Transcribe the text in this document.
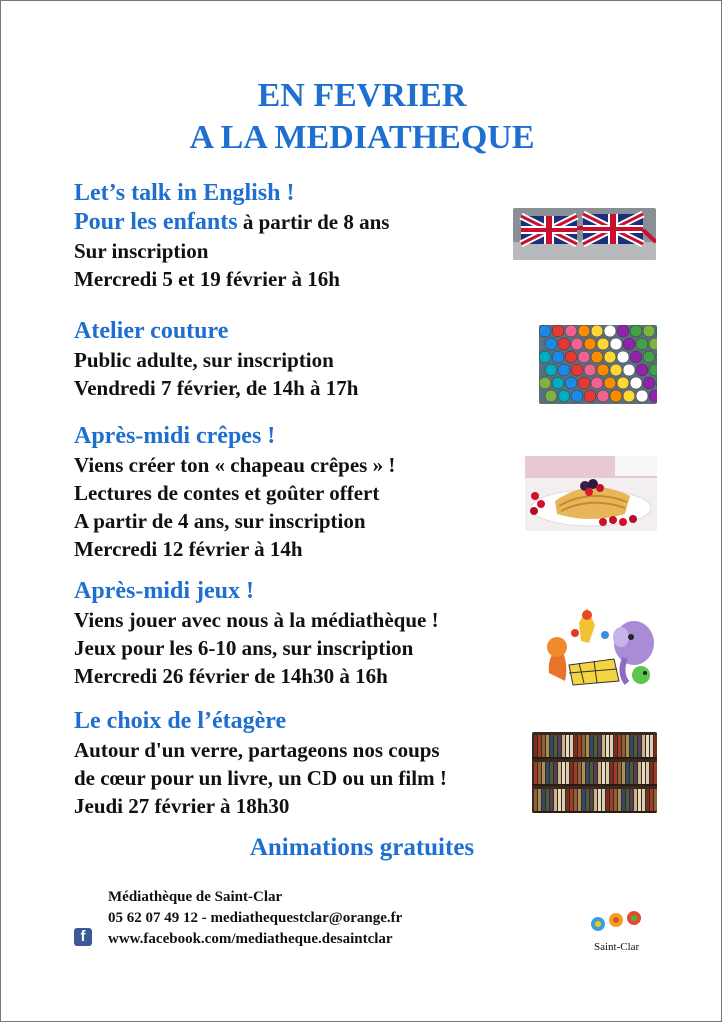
EN FEVRIER
A LA MEDIATHEQUE
Let’s talk in English !
Pour les enfants à partir de 8 ans
Sur inscription
Mercredi 5 et 19 février à 16h
Atelier couture
Public adulte, sur inscription
Vendredi 7 février, de 14h à 17h
Après-midi crêpes !
Viens créer ton « chapeau crêpes » !
Lectures de contes et goûter offert
A partir de 4 ans, sur inscription
Mercredi 12 février à 14h
Après-midi jeux !
Viens jouer avec nous à la médiathèque !
Jeux pour les 6-10 ans, sur inscription
Mercredi 26 février de 14h30 à 16h
Le choix de l’étagère
Autour d'un verre, partageons nos coups
de cœur pour un livre, un CD ou un film !
Jeudi 27 février à 18h30
Animations gratuites
Médiathèque de Saint-Clar
05 62 07 49 12 - mediathequestclar@orange.fr
f	www.facebook.com/mediatheque.desaintclar	Saint-Clar
